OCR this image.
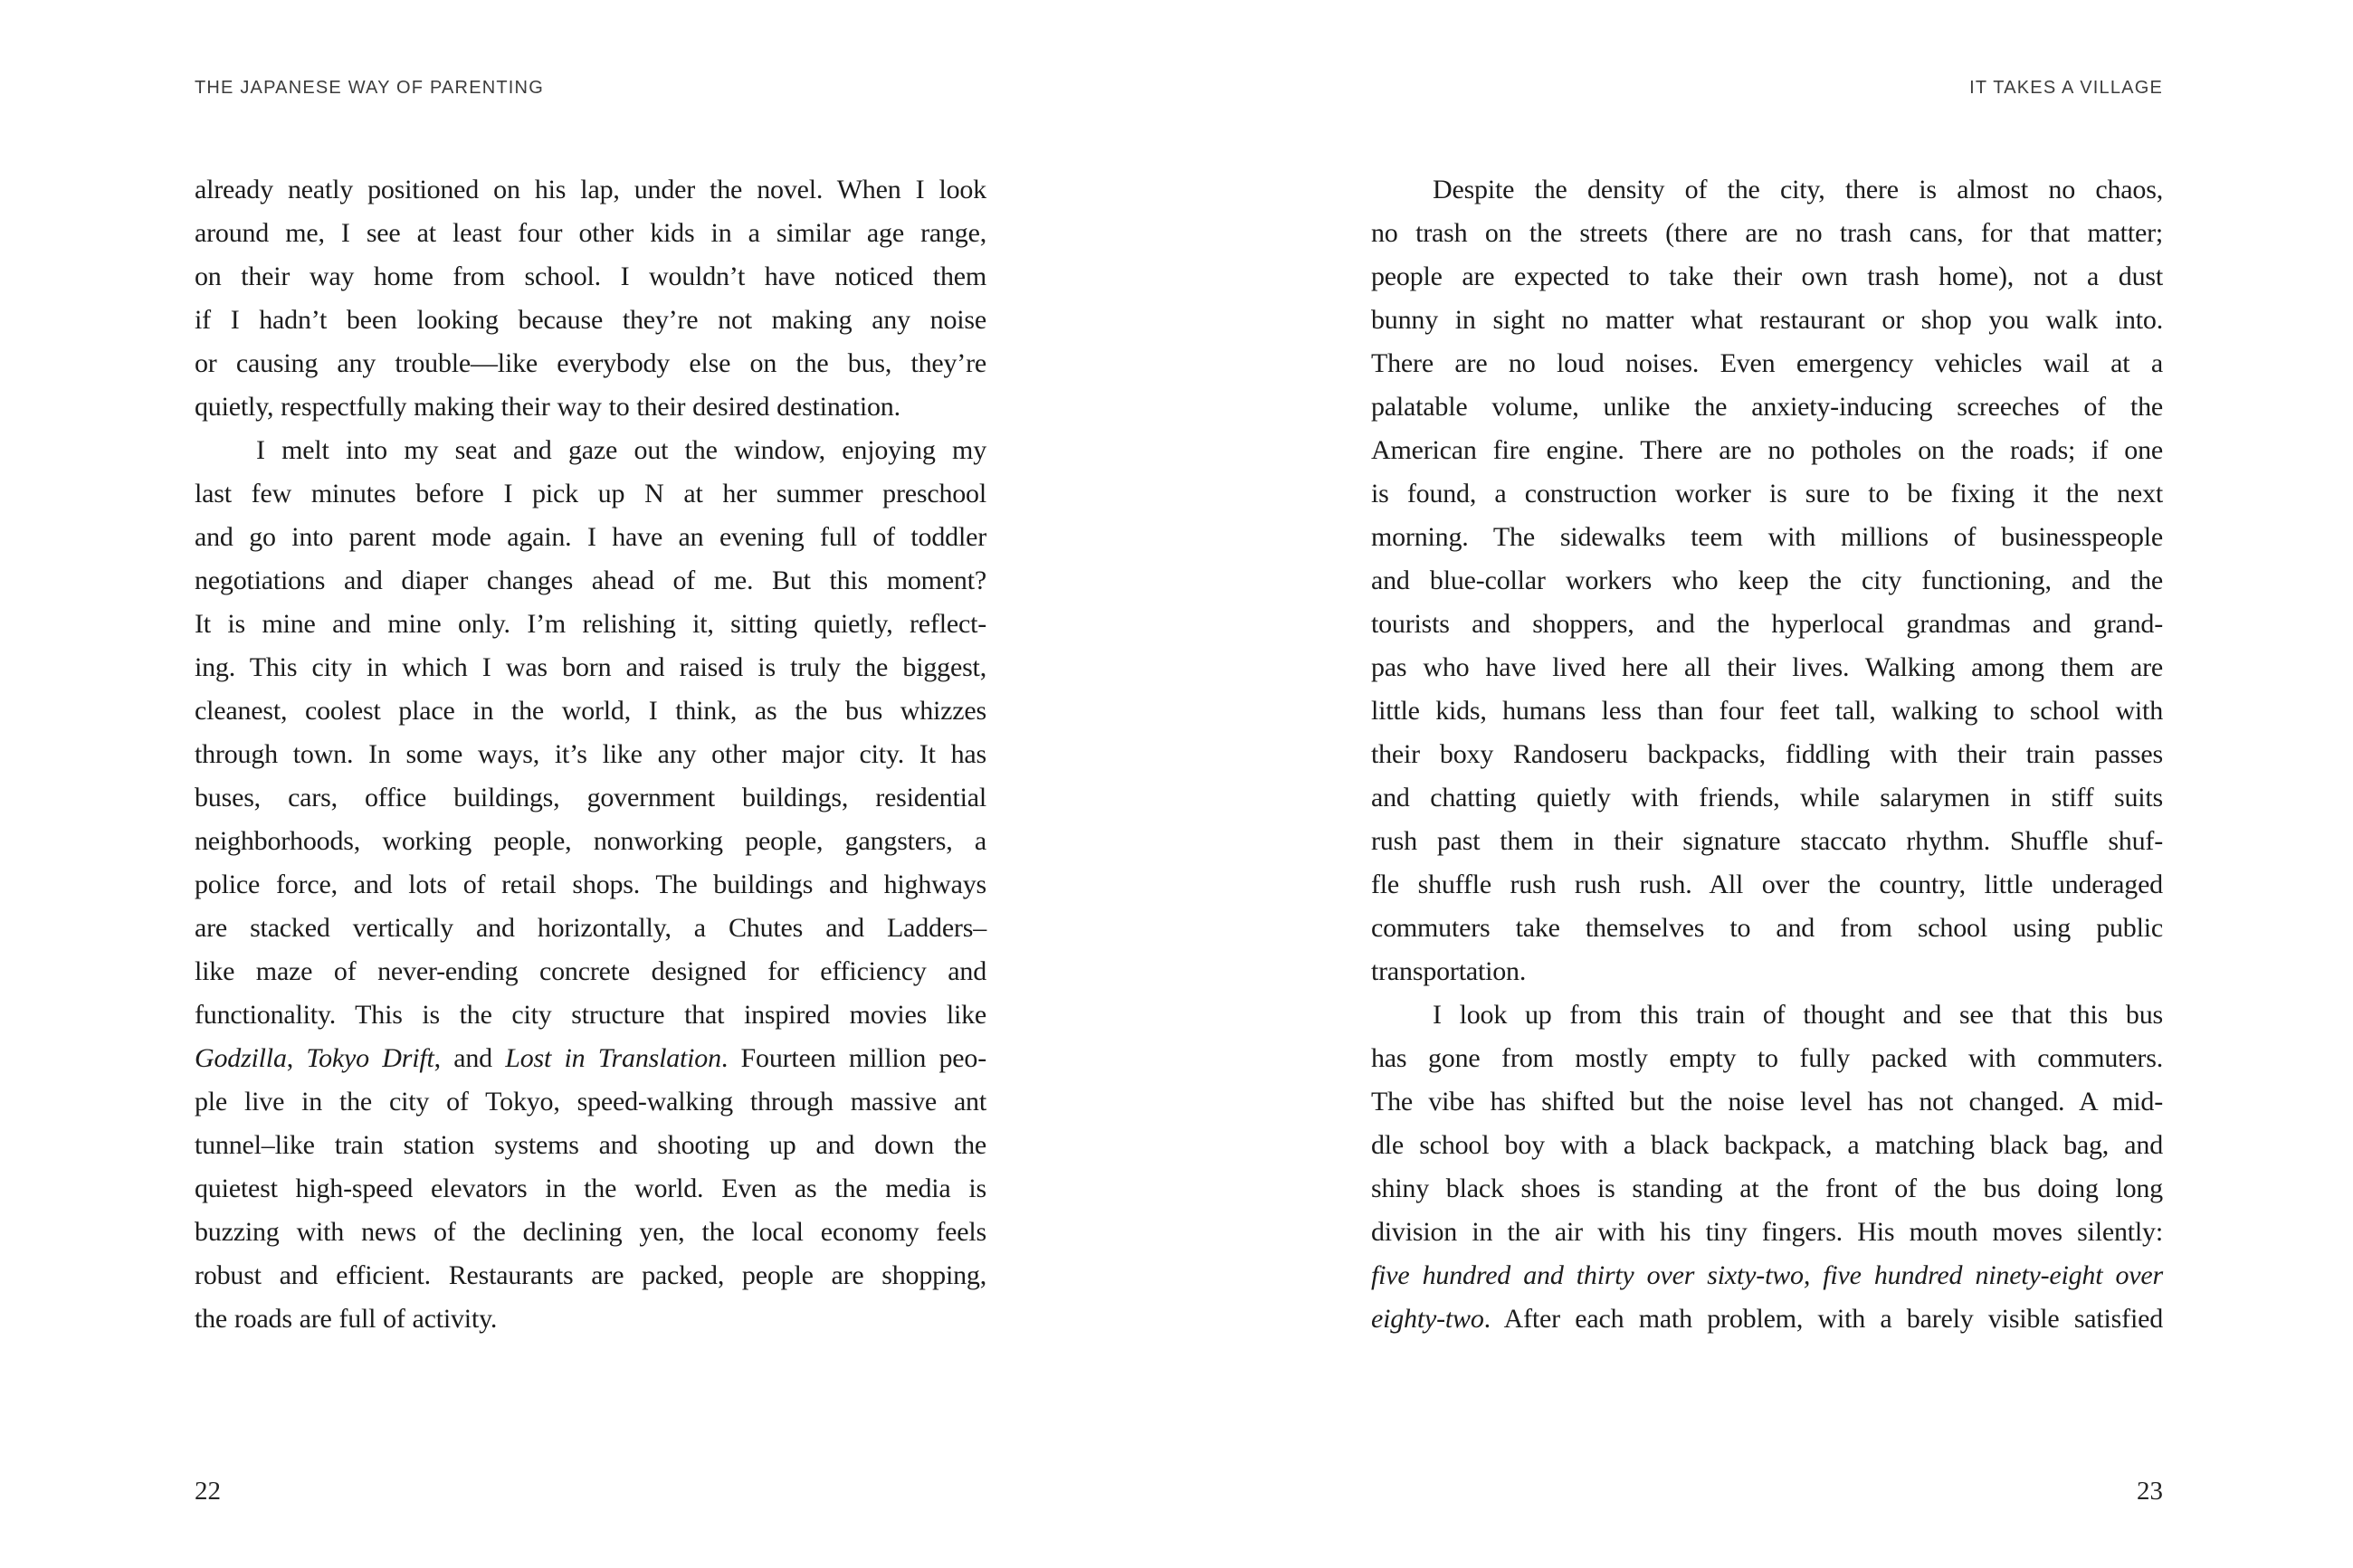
THE JAPANESE WAY OF PARENTING	IT TAKES A VILLAGE
already neatly positioned on his lap, under the novel. When I look
around me, I see at least four other kids in a similar age range,
on their way home from school. I wouldn’t have noticed them
if I hadn’t been looking because they’re not making any noise
or causing any trouble—like everybody else on the bus, they’re
quietly, respectfully making their way to their desired destination.
I melt into my seat and gaze out the window, enjoying my
last few minutes before I pick up N at her summer preschool
and go into parent mode again. I have an evening full of toddler
negotiations and diaper changes ahead of me. But this moment?
It is mine and mine only. I’m relishing it, sitting quietly, reflect-
ing. This city in which I was born and raised is truly the biggest,
cleanest, coolest place in the world, I think, as the bus whizzes
through town. In some ways, it’s like any other major city. It has
buses, cars, office buildings, government buildings, residential
neighborhoods, working people, nonworking people, gangsters, a
police force, and lots of retail shops. The buildings and highways
are stacked vertically and horizontally, a Chutes and Ladders–
like maze of never-ending concrete designed for efficiency and
functionality. This is the city structure that inspired movies like
Godzilla, Tokyo Drift, and Lost in Translation. Fourteen million peo-
ple live in the city of Tokyo, speed-walking through massive ant
tunnel–like train station systems and shooting up and down the
quietest high-speed elevators in the world. Even as the media is
buzzing with news of the declining yen, the local economy feels
robust and efficient. Restaurants are packed, people are shopping,
the roads are full of activity.
Despite the density of the city, there is almost no chaos,
no trash on the streets (there are no trash cans, for that matter;
people are expected to take their own trash home), not a dust
bunny in sight no matter what restaurant or shop you walk into.
There are no loud noises. Even emergency vehicles wail at a
palatable volume, unlike the anxiety-inducing screeches of the
American fire engine. There are no potholes on the roads; if one
is found, a construction worker is sure to be fixing it the next
morning. The sidewalks teem with millions of businesspeople
and blue-collar workers who keep the city functioning, and the
tourists and shoppers, and the hyperlocal grandmas and grand-
pas who have lived here all their lives. Walking among them are
little kids, humans less than four feet tall, walking to school with
their boxy Randoseru backpacks, fiddling with their train passes
and chatting quietly with friends, while salarymen in stiff suits
rush past them in their signature staccato rhythm. Shuffle shuf-
fle shuffle rush rush rush. All over the country, little underaged
commuters take themselves to and from school using public
transportation.
I look up from this train of thought and see that this bus
has gone from mostly empty to fully packed with commuters.
The vibe has shifted but the noise level has not changed. A mid-
dle school boy with a black backpack, a matching black bag, and
shiny black shoes is standing at the front of the bus doing long
division in the air with his tiny fingers. His mouth moves silently:
five hundred and thirty over sixty-two, five hundred ninety-eight over
eighty-two. After each math problem, with a barely visible satisfied
22	23
